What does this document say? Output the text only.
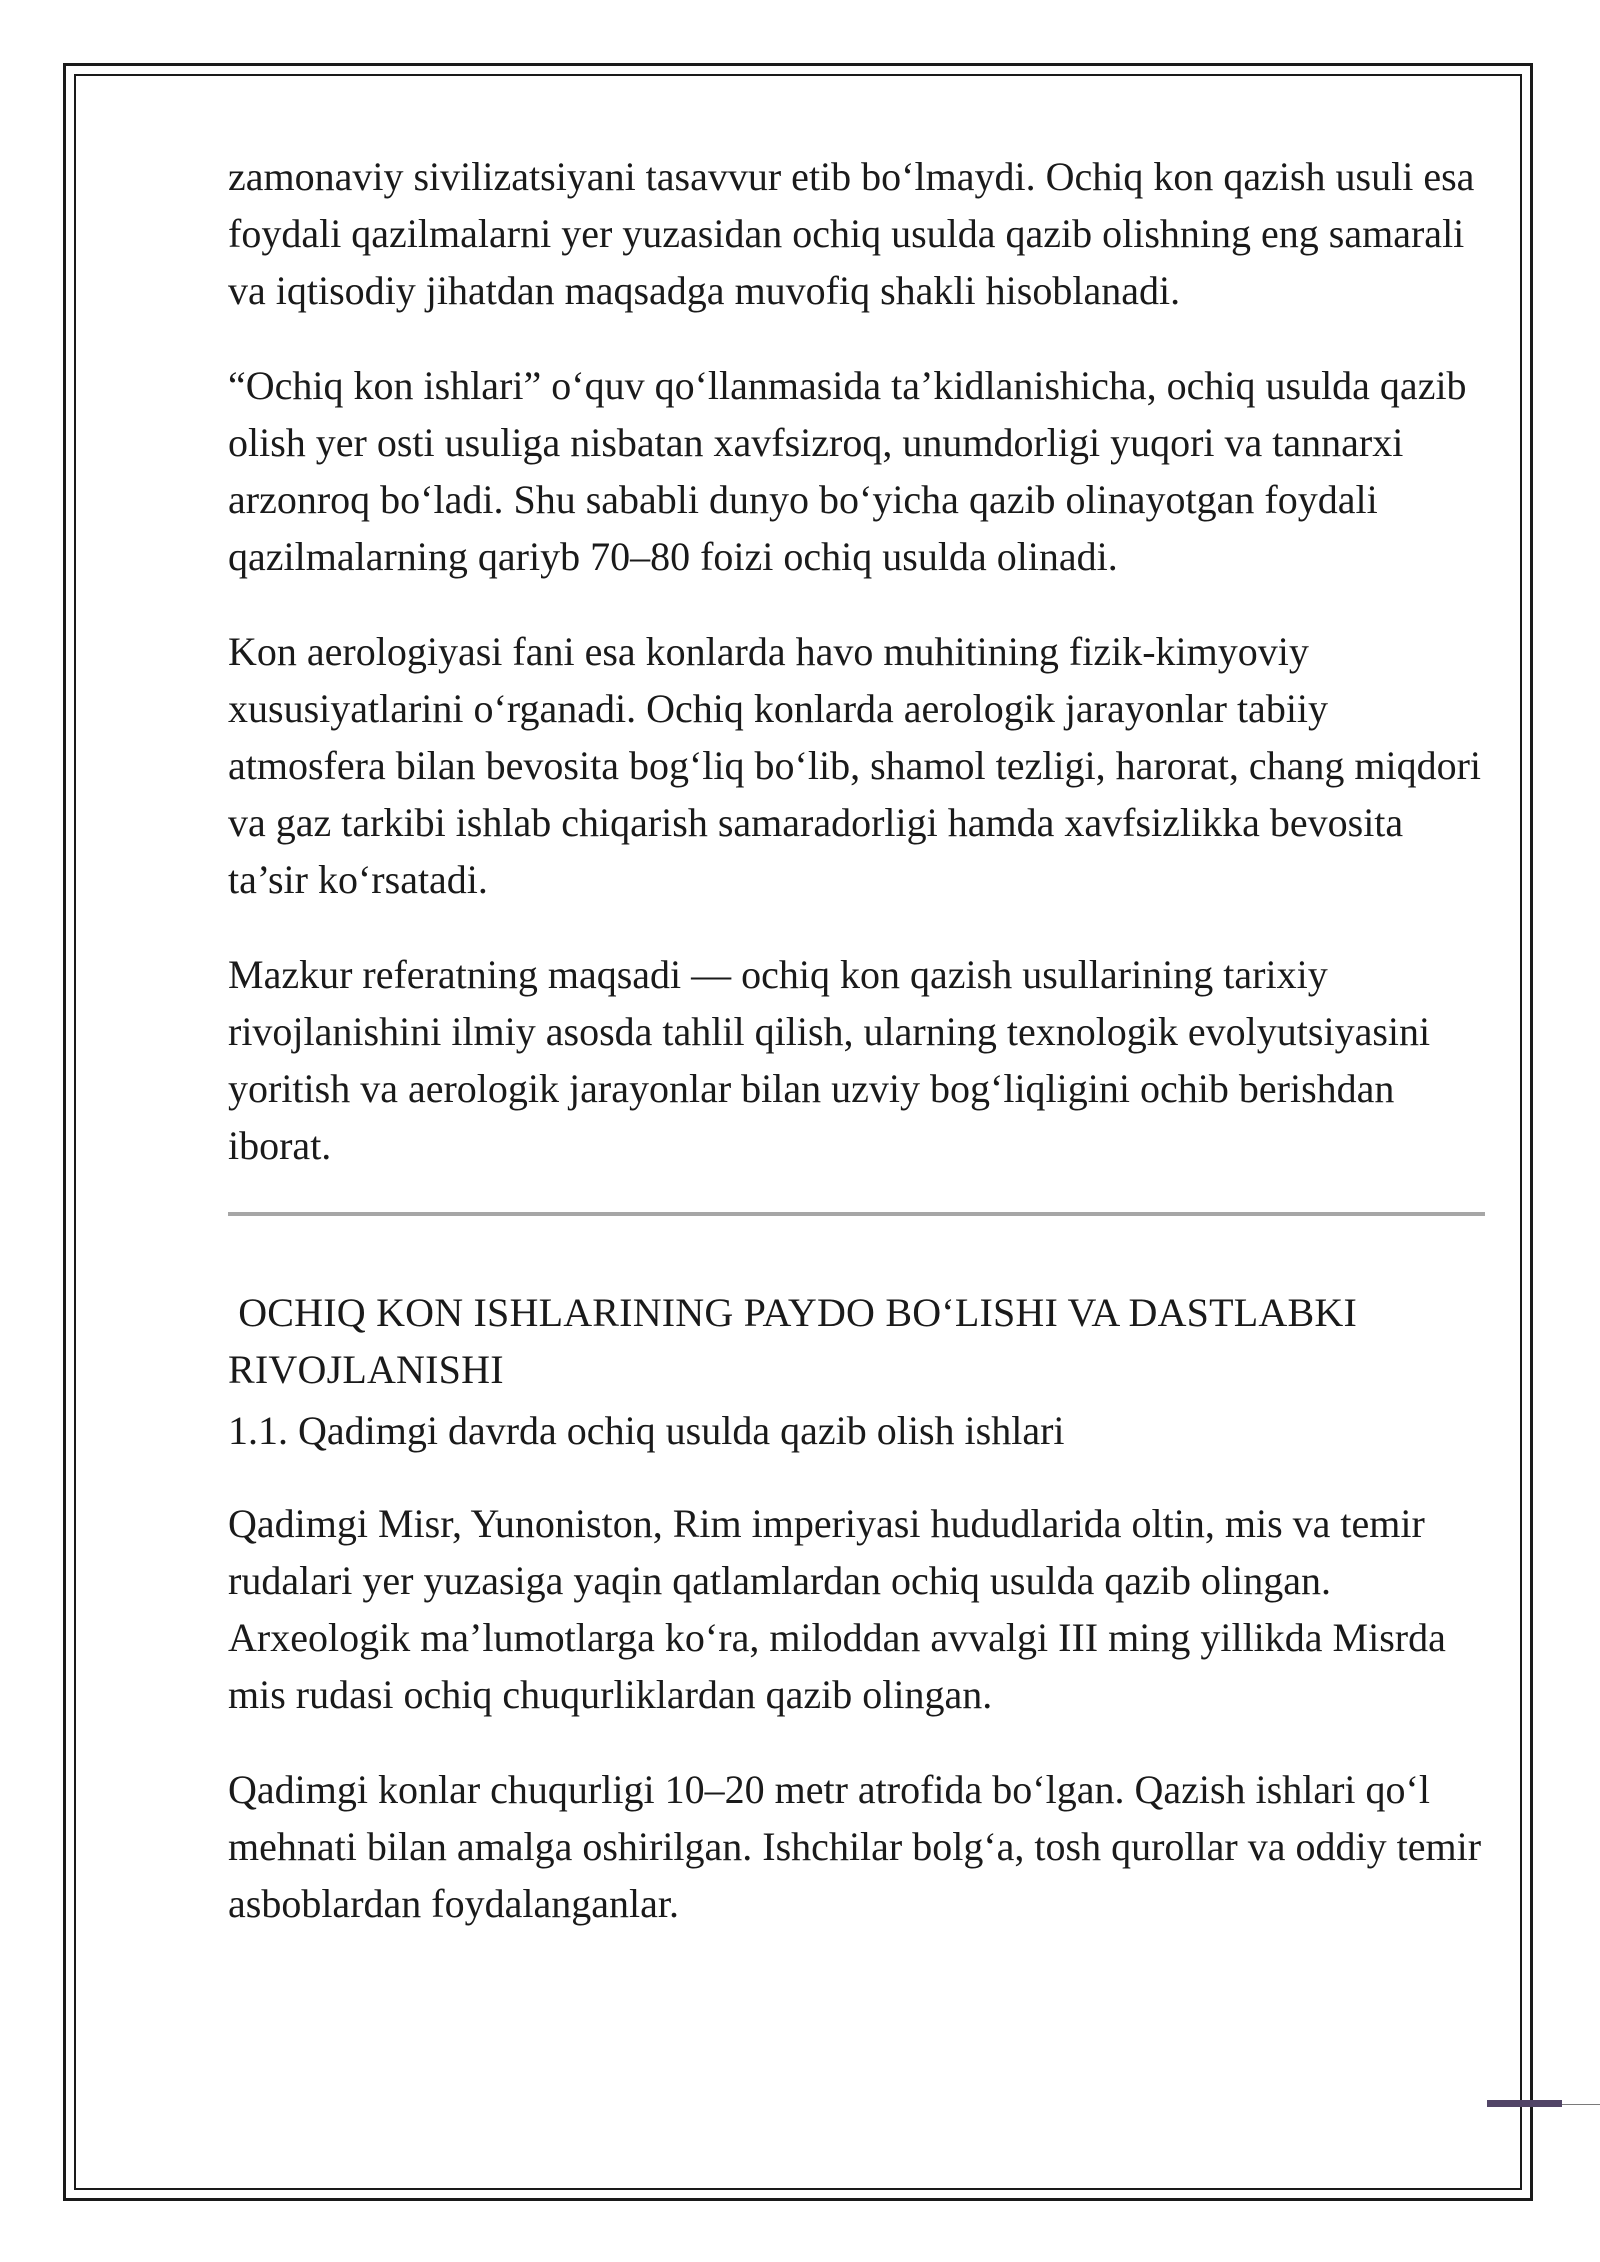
zamonaviy sivilizatsiyani tasavvur etib bo‘lmaydi. Ochiq kon qazish usuli esa foydali qazilmalarni yer yuzasidan ochiq usulda qazib olishning eng samarali va iqtisodiy jihatdan maqsadga muvofiq shakli hisoblanadi.

“Ochiq kon ishlari” o‘quv qo‘llanmasida ta’kidlanishicha, ochiq usulda qazib olish yer osti usuliga nisbatan xavfsizroq, unumdorligi yuqori va tannarxi arzonroq bo‘ladi. Shu sababli dunyo bo‘yicha qazib olinayotgan foydali qazilmalarning qariyb 70–80 foizi ochiq usulda olinadi.

Kon aerologiyasi fani esa konlarda havo muhitining fizik-kimyoviy xususiyatlarini o‘rganadi. Ochiq konlarda aerologik jarayonlar tabiiy atmosfera bilan bevosita bog‘liq bo‘lib, shamol tezligi, harorat, chang miqdori va gaz tarkibi ishlab chiqarish samaradorligi hamda xavfsizlikka bevosita ta’sir ko‘rsatadi.

Mazkur referatning maqsadi — ochiq kon qazish usullarining tarixiy rivojlanishini ilmiy asosda tahlil qilish, ularning texnologik evolyutsiyasini yoritish va aerologik jarayonlar bilan uzviy bog‘liqligini ochib berishdan iborat.

OCHIQ KON ISHLARINING PAYDO BO‘LISHI VA DASTLABKI RIVOJLANISHI
1.1. Qadimgi davrda ochiq usulda qazib olish ishlari

Qadimgi Misr, Yunoniston, Rim imperiyasi hududlarida oltin, mis va temir rudalari yer yuzasiga yaqin qatlamlardan ochiq usulda qazib olingan. Arxeologik ma’lumotlarga ko‘ra, miloddan avvalgi III ming yillikda Misrda mis rudasi ochiq chuqurliklardan qazib olingan.

Qadimgi konlar chuqurligi 10–20 metr atrofida bo‘lgan. Qazish ishlari qo‘l mehnati bilan amalga oshirilgan. Ishchilar bolg‘a, tosh qurollar va oddiy temir asboblardan foydalanganlar.
